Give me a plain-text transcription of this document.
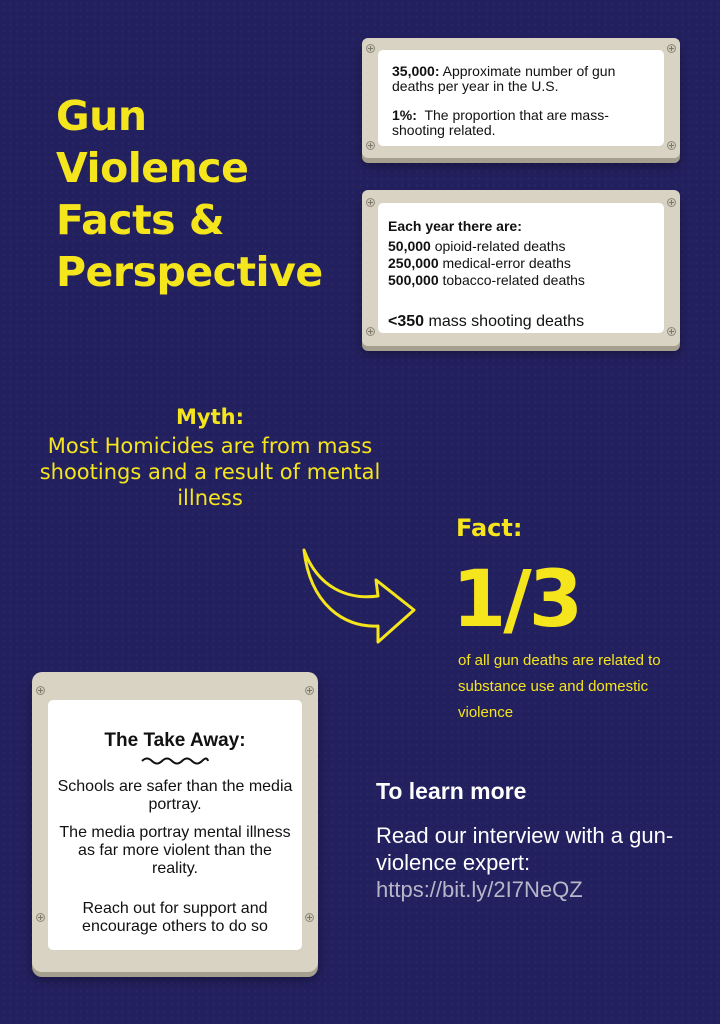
Gun
Violence
Facts &
Perspective
35,000: Approximate number of gun deaths per year in the U.S.
1%: The proportion that are mass-shooting related.
Each year there are:
50,000 opioid-related deaths
250,000 medical-error deaths
500,000 tobacco-related deaths
<350 mass shooting deaths
Myth:
Most Homicides are from mass shootings and a result of mental illness
Fact:
1/3
of all gun deaths are related to substance use and domestic violence
The Take Away:
Schools are safer than the media portray.
The media portray mental illness as far more violent than the reality.
Reach out for support and encourage others to do so
To learn more
Read our interview with a gun-violence expert:
https://bit.ly/2I7NeQZ
